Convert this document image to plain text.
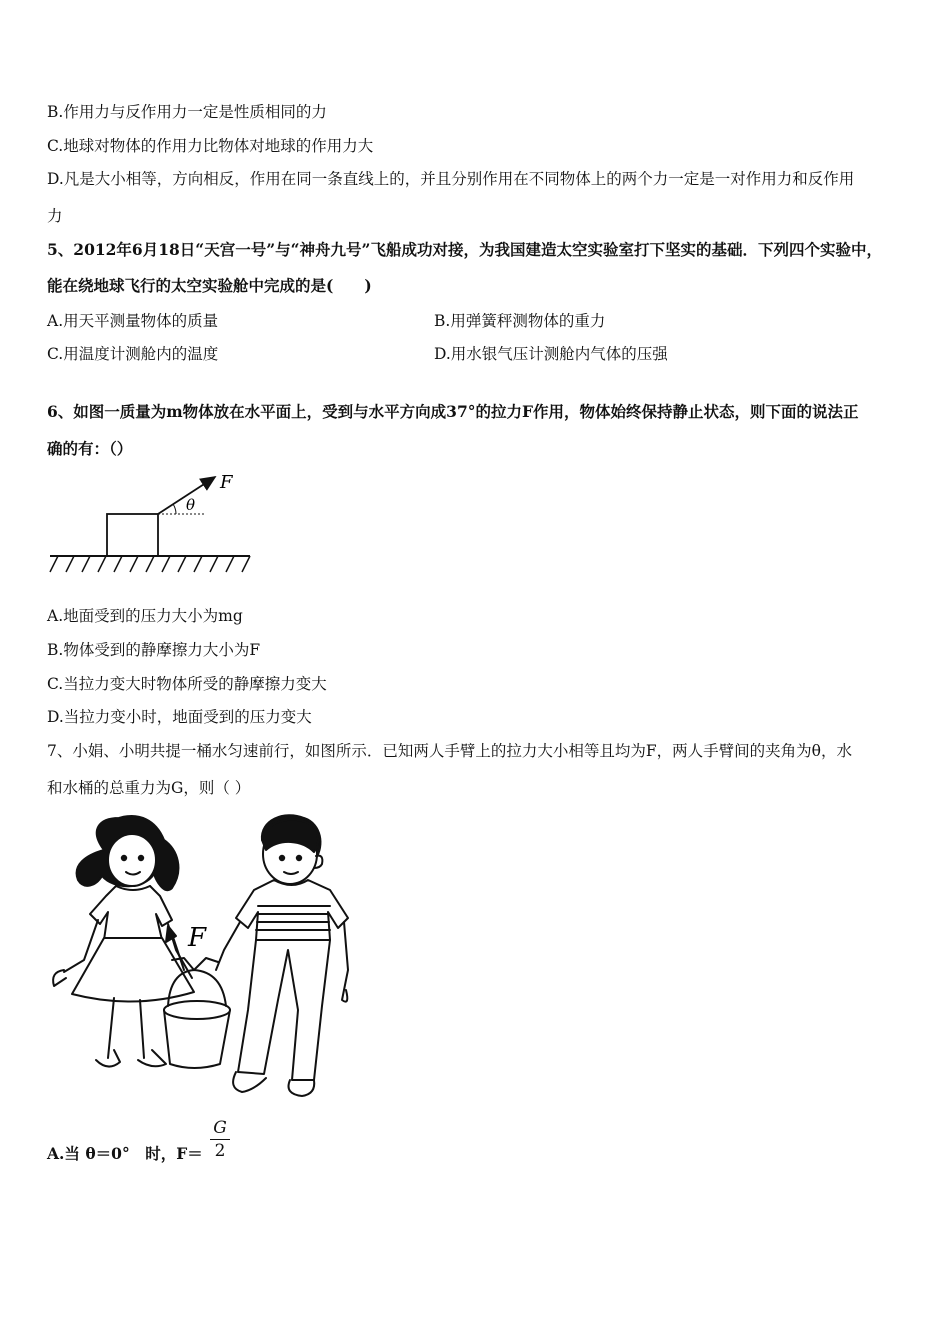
B.作用力与反作用力一定是性质相同的力
C.地球对物体的作用力比物体对地球的作用力大
D.凡是大小相等，方向相反，作用在同一条直线上的，并且分别作用在不同物体上的两个力一定是一对作用力和反作用
力
5、2012年6月18日“天宫一号”与“神舟九号”飞船成功对接，为我国建造太空实验室打下坚实的基础．下列四个实验中，
能在绕地球飞行的太空实验舱中完成的是(　　)
A.用天平测量物体的质量	B.用弹簧秤测物体的重力
C.用温度计测舱内的温度	D.用水银气压计测舱内气体的压强
6、如图一质量为m物体放在水平面上，受到与水平方向成37°的拉力F作用，物体始终保持静止状态，则下面的说法正
确的有：（）
F
θ
A.地面受到的压力大小为mg
B.物体受到的静摩擦力大小为F
C.当拉力变大时物体所受的静摩擦力变大
D.当拉力变小时，地面受到的压力变大
7、小娟、小明共提一桶水匀速前行，如图所示．已知两人手臂上的拉力大小相等且均为F，两人手臂间的夹角为θ，水
和水桶的总重力为G，则（ ）
F
A.当 θ＝0°　时，F＝
G
2
